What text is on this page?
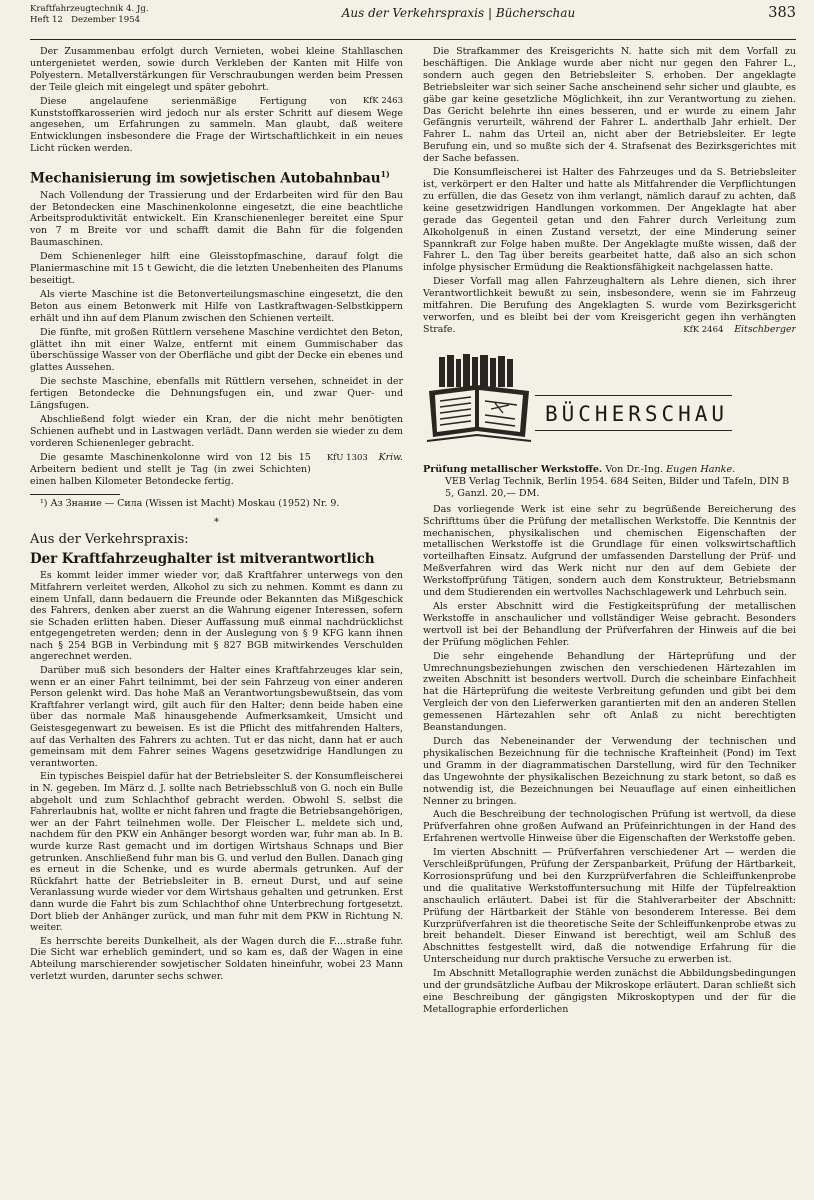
Kraftfahrzeugtechnik 4. Jg.
Heft 12 Dezember 1954	Aus der Verkehrspraxis | Bücherschau	383

Der Zusammenbau erfolgt durch Vernieten, wobei kleine Stahllaschen untergenietet werden, sowie durch Verkleben der Kanten mit Hilfe von Polyestern. Metallverstärkungen für Verschraubungen werden beim Pressen der Teile gleich mit eingelegt und später gebohrt.

KfK 2463
Diese angelaufene serienmäßige Fertigung von Kunststoffkarosserien wird jedoch nur als erster Schritt auf diesem Wege angesehen, um Erfahrungen zu sammeln. Man glaubt, daß weitere Entwicklungen insbesondere die Frage der Wirtschaftlichkeit in ein neues Licht rücken werden.

Mechanisierung im sowjetischen Autobahnbau$^{1)}$

Nach Vollendung der Trassierung und der Erdarbeiten wird für den Bau der Betondecken eine Maschinenkolonne eingesetzt, die eine beachtliche Arbeitsproduktivität entwickelt. Ein Kranschienenleger bereitet eine Spur von 7 m Breite vor und schafft damit die Bahn für die folgenden Baumaschinen.

Dem Schienenleger hilft eine Gleisstopfmaschine, darauf folgt die Planiermaschine mit 15 t Gewicht, die die letzten Unebenheiten des Planums beseitigt.

Als vierte Maschine ist die Betonverteilungsmaschine eingesetzt, die den Beton aus einem Betonwerk mit Hilfe von Lastkraftwagen-Selbstkippern erhält und ihn auf dem Planum zwischen den Schienen verteilt.

Die fünfte, mit großen Rüttlern versehene Maschine verdichtet den Beton, glättet ihn mit einer Walze, entfernt mit einem Gummischaber das überschüssige Wasser von der Oberfläche und gibt der Decke ein ebenes und glattes Aussehen.

Die sechste Maschine, ebenfalls mit Rüttlern versehen, schneidet in der fertigen Betondecke die Dehnungsfugen ein, und zwar Quer- und Längsfugen.

Abschließend folgt wieder ein Kran, der die nicht mehr benötigten Schienen aufhebt und in Lastwagen verlädt. Dann werden sie wieder zu dem vorderen Schienenleger gebracht.

KfU 1303 Kriw.
Die gesamte Maschinenkolonne wird von 12 bis 15 Arbeitern bedient und stellt je Tag (in zwei Schichten) einen halben Kilometer Betondecke fertig.

¹) Аз Знание — Сила (Wissen ist Macht) Moskau (1952) Nr. 9.

*
Aus der Verkehrspraxis:
Der Kraftfahrzeughalter ist mitverantwortlich

Es kommt leider immer wieder vor, daß Kraftfahrer unterwegs von den Mitfahrern verleitet werden, Alkohol zu sich zu nehmen. Kommt es dann zu einem Unfall, dann bedauern die Freunde oder Bekannten das Mißgeschick des Fahrers, denken aber zuerst an die Wahrung eigener Interessen, sofern sie Schaden erlitten haben. Dieser Auffassung muß einmal nachdrücklichst entgegengetreten werden; denn in der Auslegung von § 9 KFG kann ihnen nach § 254 BGB in Verbindung mit § 827 BGB mitwirkendes Verschulden angerechnet werden.

Darüber muß sich besonders der Halter eines Kraftfahrzeuges klar sein, wenn er an einer Fahrt teilnimmt, bei der sein Fahrzeug von einer anderen Person gelenkt wird. Das hohe Maß an Verantwortungsbewußtsein, das vom Kraftfahrer verlangt wird, gilt auch für den Halter; denn beide haben eine über das normale Maß hinausgehende Aufmerksamkeit, Umsicht und Geistesgegenwart zu beweisen. Es ist die Pflicht des mitfahrenden Halters, auf das Verhalten des Fahrers zu achten. Tut er das nicht, dann hat er auch gemeinsam mit dem Fahrer seines Wagens gesetzwidrige Handlungen zu verantworten.

Ein typisches Beispiel dafür hat der Betriebsleiter S. der Konsumfleischerei in N. gegeben. Im März d. J. sollte nach Betriebsschluß von G. noch ein Bulle abgeholt und zum Schlachthof gebracht werden. Obwohl S. selbst die Fahrerlaubnis hat, wollte er nicht fahren und fragte die Betriebsangehörigen, wer an der Fahrt teilnehmen wolle. Der Fleischer L. meldete sich und, nachdem für den PKW ein Anhänger besorgt worden war, fuhr man ab. In B. wurde kurze Rast gemacht und im dortigen Wirtshaus Schnaps und Bier getrunken. Anschließend fuhr man bis G. und verlud den Bullen. Danach ging es erneut in die Schenke, und es wurde abermals getrunken. Auf der Rückfahrt hatte der Betriebsleiter in B. erneut Durst, und auf seine Veranlassung wurde wieder vor dem Wirtshaus gehalten und getrunken. Erst dann wurde die Fahrt bis zum Schlachthof ohne Unterbrechung fortgesetzt. Dort blieb der Anhänger zurück, und man fuhr mit dem PKW in Richtung N. weiter.

Es herrschte bereits Dunkelheit, als der Wagen durch die F....straße fuhr. Die Sicht war erheblich gemindert, und so kam es, daß der Wagen in eine Abteilung marschierender sowjetischer Soldaten hineinfuhr, wobei 23 Mann verletzt wurden, darunter sechs schwer.

Die Strafkammer des Kreisgerichts N. hatte sich mit dem Vorfall zu beschäftigen. Die Anklage wurde aber nicht nur gegen den Fahrer L., sondern auch gegen den Betriebsleiter S. erhoben. Der angeklagte Betriebsleiter war sich seiner Sache anscheinend sehr sicher und glaubte, es gäbe gar keine gesetzliche Möglichkeit, ihn zur Verantwortung zu ziehen. Das Gericht belehrte ihn eines besseren, und er wurde zu einem Jahr Gefängnis verurteilt, während der Fahrer L. anderthalb Jahr erhielt. Der Fahrer L. nahm das Urteil an, nicht aber der Betriebsleiter. Er legte Berufung ein, und so mußte sich der 4. Strafsenat des Bezirksgerichtes mit der Sache befassen.

Die Konsumfleischerei ist Halter des Fahrzeuges und da S. Betriebsleiter ist, verkörpert er den Halter und hatte als Mitfahrender die Verpflichtungen zu erfüllen, die das Gesetz von ihm verlangt, nämlich darauf zu achten, daß keine gesetzwidrigen Handlungen vorkommen. Der Angeklagte hat aber gerade das Gegenteil getan und den Fahrer durch Verleitung zum Alkoholgenuß in einen Zustand versetzt, der eine Minderung seiner Spannkraft zur Folge haben mußte. Der Angeklagte mußte wissen, daß der Fahrer L. den Tag über bereits gearbeitet hatte, daß also an sich schon infolge physischer Ermüdung die Reaktionsfähigkeit nachgelassen hatte.

Dieser Vorfall mag allen Fahrzeughaltern als Lehre dienen, sich ihrer Verantwortlichkeit bewußt zu sein, insbesondere, wenn sie im Fahrzeug mitfahren. Die Berufung des Angeklagten S. wurde vom Bezirksgericht verworfen, und es bleibt bei der vom Kreisgericht gegen ihn verhängten Strafe.	KfK 2464 Eitschberger

BÜCHERSCHAU
Prüfung metallischer Werkstoffe. Von Dr.-Ing. Eugen Hanke.
VEB Verlag Technik, Berlin 1954. 684 Seiten, Bilder und Tafeln, DIN B 5, Ganzl. 20,— DM.

Das vorliegende Werk ist eine sehr zu begrüßende Bereicherung des Schrifttums über die Prüfung der metallischen Werkstoffe. Die Kenntnis der mechanischen, physikalischen und chemischen Eigenschaften der metallischen Werkstoffe ist die Grundlage für einen volkswirtschaftlich vorteilhaften Einsatz. Aufgrund der umfassenden Darstellung der Prüf- und Meßverfahren wird das Werk nicht nur den auf dem Gebiete der Werkstoffprüfung Tätigen, sondern auch dem Konstrukteur, Betriebsmann und dem Studierenden ein wertvolles Nachschlagewerk und Lehrbuch sein.

Als erster Abschnitt wird die Festigkeitsprüfung der metallischen Werkstoffe in anschaulicher und vollständiger Weise gebracht. Besonders wertvoll ist bei der Behandlung der Prüfverfahren der Hinweis auf die bei der Prüfung möglichen Fehler.

Die sehr eingehende Behandlung der Härteprüfung und der Umrechnungsbeziehungen zwischen den verschiedenen Härtezahlen im zweiten Abschnitt ist besonders wertvoll. Durch die scheinbare Einfachheit hat die Härteprüfung die weiteste Verbreitung gefunden und gibt bei dem Vergleich der von den Lieferwerken garantierten mit den an anderen Stellen gemessenen Härtezahlen sehr oft Anlaß zu nicht berechtigten Beanstandungen.

Durch das Nebeneinander der Verwendung der technischen und physikalischen Bezeichnung für die technische Krafteinheit (Pond) im Text und Gramm in der diagrammatischen Darstellung, wird für den Techniker das Ungewohnte der physikalischen Bezeichnung zu stark betont, so daß es notwendig ist, die Bezeichnungen bei Neuauflage auf einen einheitlichen Nenner zu bringen.

Auch die Beschreibung der technologischen Prüfung ist wertvoll, da diese Prüfverfahren ohne großen Aufwand an Prüfeinrichtungen in der Hand des Erfahrenen wertvolle Hinweise über die Eigenschaften der Werkstoffe geben.

Im vierten Abschnitt — Prüfverfahren verschiedener Art — werden die Verschleißprüfungen, Prüfung der Zerspanbarkeit, Prüfung der Härtbarkeit, Korrosionsprüfung und bei den Kurzprüfverfahren die Schleiffunkenprobe und die qualitative Werkstoffuntersuchung mit Hilfe der Tüpfelreaktion anschaulich erläutert. Dabei ist für die Stahlverarbeiter der Abschnitt: Prüfung der Härtbarkeit der Stähle von besonderem Interesse. Bei dem Kurzprüfverfahren ist die theoretische Seite der Schleiffunkenprobe etwas zu breit behandelt. Dieser Einwand ist berechtigt, weil am Schluß des Abschnittes festgestellt wird, daß die notwendige Erfahrung für die Unterscheidung nur durch praktische Versuche zu erwerben ist.

Im Abschnitt Metallographie werden zunächst die Abbildungsbedingungen und der grundsätzliche Aufbau der Mikroskope erläutert. Daran schließt sich eine Beschreibung der gängigsten Mikroskoptypen und der für die Metallographie erforderlichen
